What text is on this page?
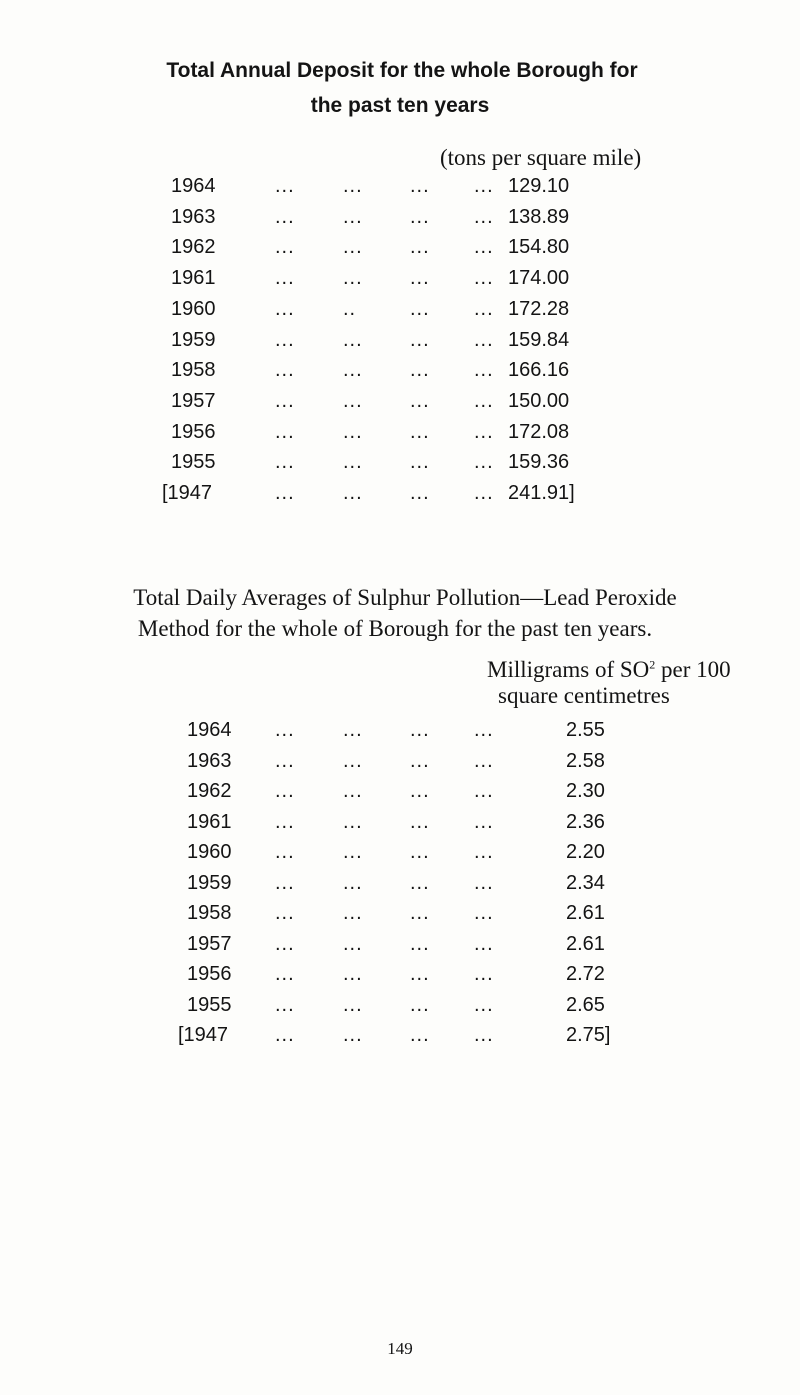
Total Annual Deposit for the whole Borough for
the past ten years
(tons per square mile)
1964	... ... ... ... 129.10
1963	... ... ... ... 138.89
1962	... ... ... ... 154.80
1961	... ... ... ... 174.00
1960	... ..	... ... 172.28
1959	... ... ... ... 159.84
1958	... ... ... ... 166.16
1957	... ... ... ... 150.00
1956	... ... ... ... 172.08
1955	... ... ... ... 159.36
[1947	... ... ... ... 241.91]
Total Daily Averages of Sulphur Pollution—Lead Peroxide
Method for the whole of Borough for the past ten years.
Milligrams of $SO^2$ per 100
square centimetres
1964 ... ... ... ...	2.55
1963 ... ... ... ...	2.58
1962 ... ... ... ...	2.30
1961 ... ... ... ...	2.36
1960 ... ... ... ...	2.20
1959 ... ... ... ...	2.34
1958 ... ... ... ...	2.61
1957 ... ... ... ...	2.61
1956 ... ... ... ...	2.72
1955 ... ... ... ...	2.65
[1947 ... ... ... ...	2.75]
149
